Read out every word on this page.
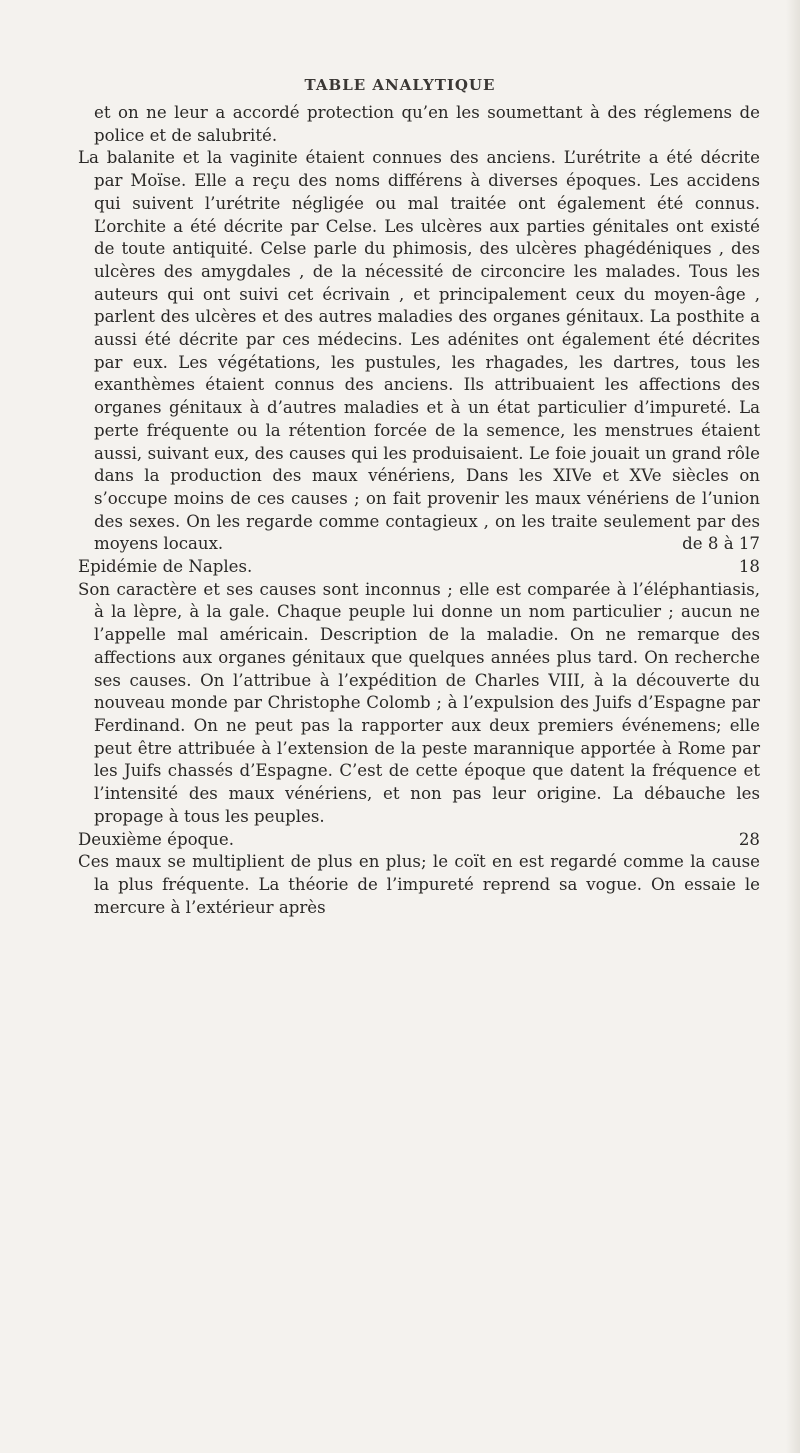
TABLE ANALYTIQUE

et on ne leur a accordé protection qu’en les soumettant à des réglemens de police et de salubrité.

La balanite et la vaginite étaient connues des anciens. L’urétrite a été décrite par Moïse. Elle a reçu des noms différens à diverses époques. Les accidens qui suivent l’urétrite négligée ou mal traitée ont également été connus. L’orchite a été décrite par Celse. Les ulcères aux parties génitales ont existé de toute antiquité. Celse parle du phimosis, des ulcères phagédéniques , des ulcères des amygdales , de la nécessité de circoncire les malades. Tous les auteurs qui ont suivi cet écrivain , et principalement ceux du moyen-âge , parlent des ulcères et des autres maladies des organes génitaux. La posthite a aussi été décrite par ces médecins. Les adénites ont également été décrites par eux. Les végétations, les pustules, les rhagades, les dartres, tous les exanthèmes étaient connus des anciens. Ils attribuaient les affections des organes génitaux à d’autres maladies et à un état particulier d’impureté. La perte fréquente ou la rétention forcée de la semence, les menstrues étaient aussi, suivant eux, des causes qui les produisaient. Le foie jouait un grand rôle dans la production des maux vénériens, Dans les XIVe et XVe siècles on s’occupe moins de ces causes ; on fait provenir les maux vénériens de l’union des sexes. On les regarde comme contagieux , on les traite seulement par des moyens locaux.	de 8 à 17

Epidémie de Naples.	18

Son caractère et ses causes sont inconnus ; elle est comparée à l’éléphantiasis, à la lèpre, à la gale. Chaque peuple lui donne un nom particulier ; aucun ne l’appelle mal américain. Description de la maladie. On ne remarque des affections aux organes génitaux que quelques années plus tard. On recherche ses causes. On l’attribue à l’expédition de Charles VIII, à la découverte du nouveau monde par Christophe Colomb ; à l’expulsion des Juifs d’Espagne par Ferdinand. On ne peut pas la rapporter aux deux premiers événemens; elle peut être attribuée à l’extension de la peste marannique apportée à Rome par les Juifs chassés d’Espagne. C’est de cette époque que datent la fréquence et l’intensité des maux vénériens, et non pas leur origine. La débauche les propage à tous les peuples.

Deuxième époque.	28

Ces maux se multiplient de plus en plus; le coït en est regardé comme la cause la plus fréquente. La théorie de l’impureté reprend sa vogue. On essaie le mercure à l’extérieur après
